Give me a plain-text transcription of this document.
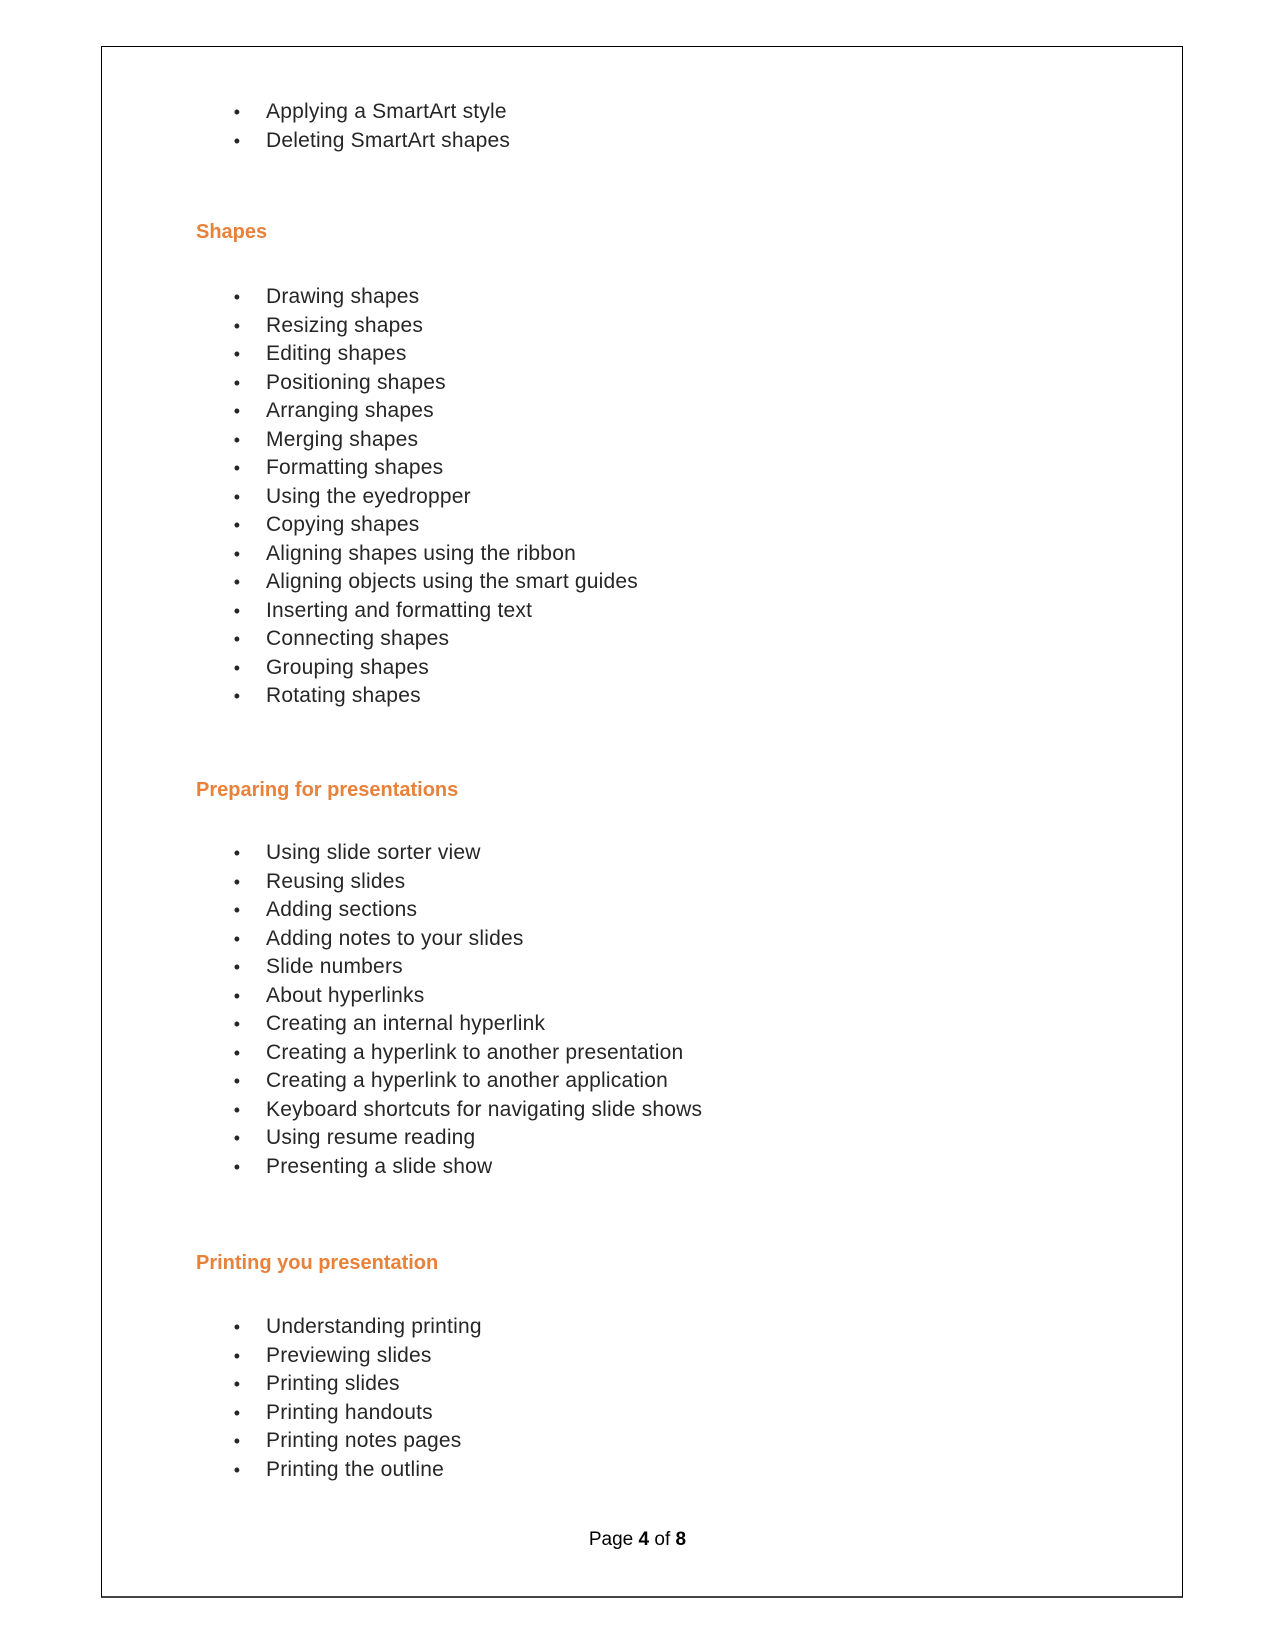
• Applying a SmartArt style
• Deleting SmartArt shapes
Shapes
• Drawing shapes
• Resizing shapes
• Editing shapes
• Positioning shapes
• Arranging shapes
• Merging shapes
• Formatting shapes
• Using the eyedropper
• Copying shapes
• Aligning shapes using the ribbon
• Aligning objects using the smart guides
• Inserting and formatting text
• Connecting shapes
• Grouping shapes
• Rotating shapes
Preparing for presentations
• Using slide sorter view
• Reusing slides
• Adding sections
• Adding notes to your slides
• Slide numbers
• About hyperlinks
• Creating an internal hyperlink
• Creating a hyperlink to another presentation
• Creating a hyperlink to another application
• Keyboard shortcuts for navigating slide shows
• Using resume reading
• Presenting a slide show
Printing you presentation
• Understanding printing
• Previewing slides
• Printing slides
• Printing handouts
• Printing notes pages
• Printing the outline
Page 4 of 8
